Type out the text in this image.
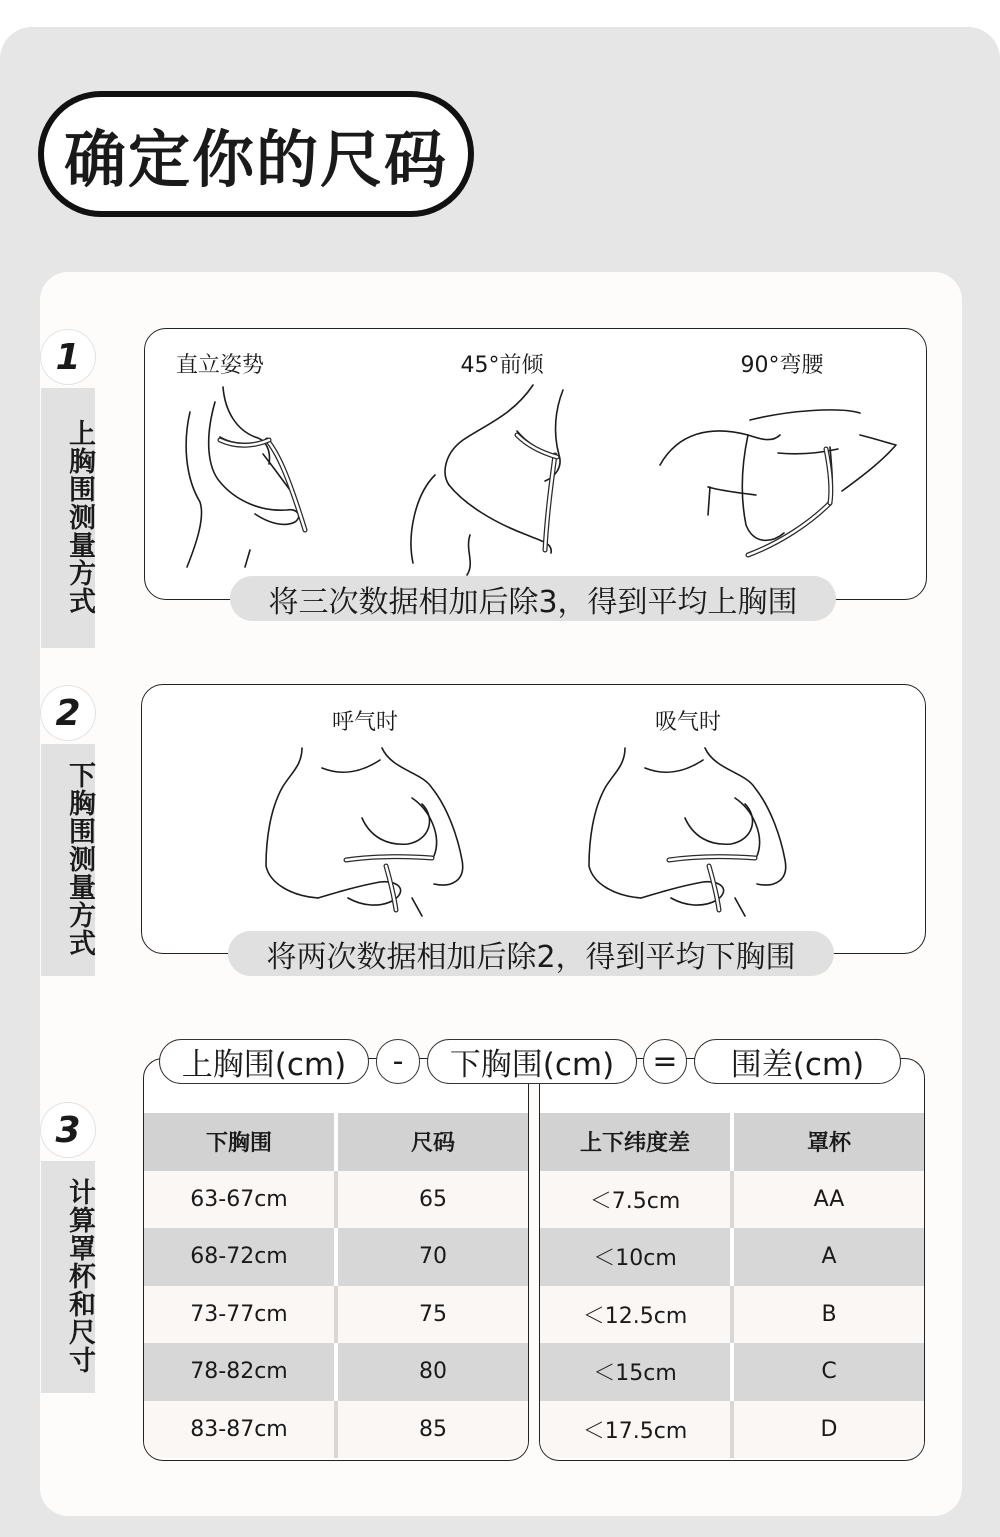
确定你的尺码
1
上胸围测量方式
直立姿势	45°前倾	90°弯腰
将三次数据相加后除3，得到平均上胸围
2
下胸围测量方式
呼气时	吸气时
将两次数据相加后除2，得到平均下胸围
3
计算罩杯和尺寸
下胸围	尺码
63-67cm	65
68-72cm	70
73-77cm	75
78-82cm	80
83-87cm	85
上下纬度差	罩杯
＜7.5cm	AA
＜10cm	A
＜12.5cm	B
＜15cm	C
＜17.5cm	D
上胸围(cm)	-	下胸围(cm)	=	围差(cm)
